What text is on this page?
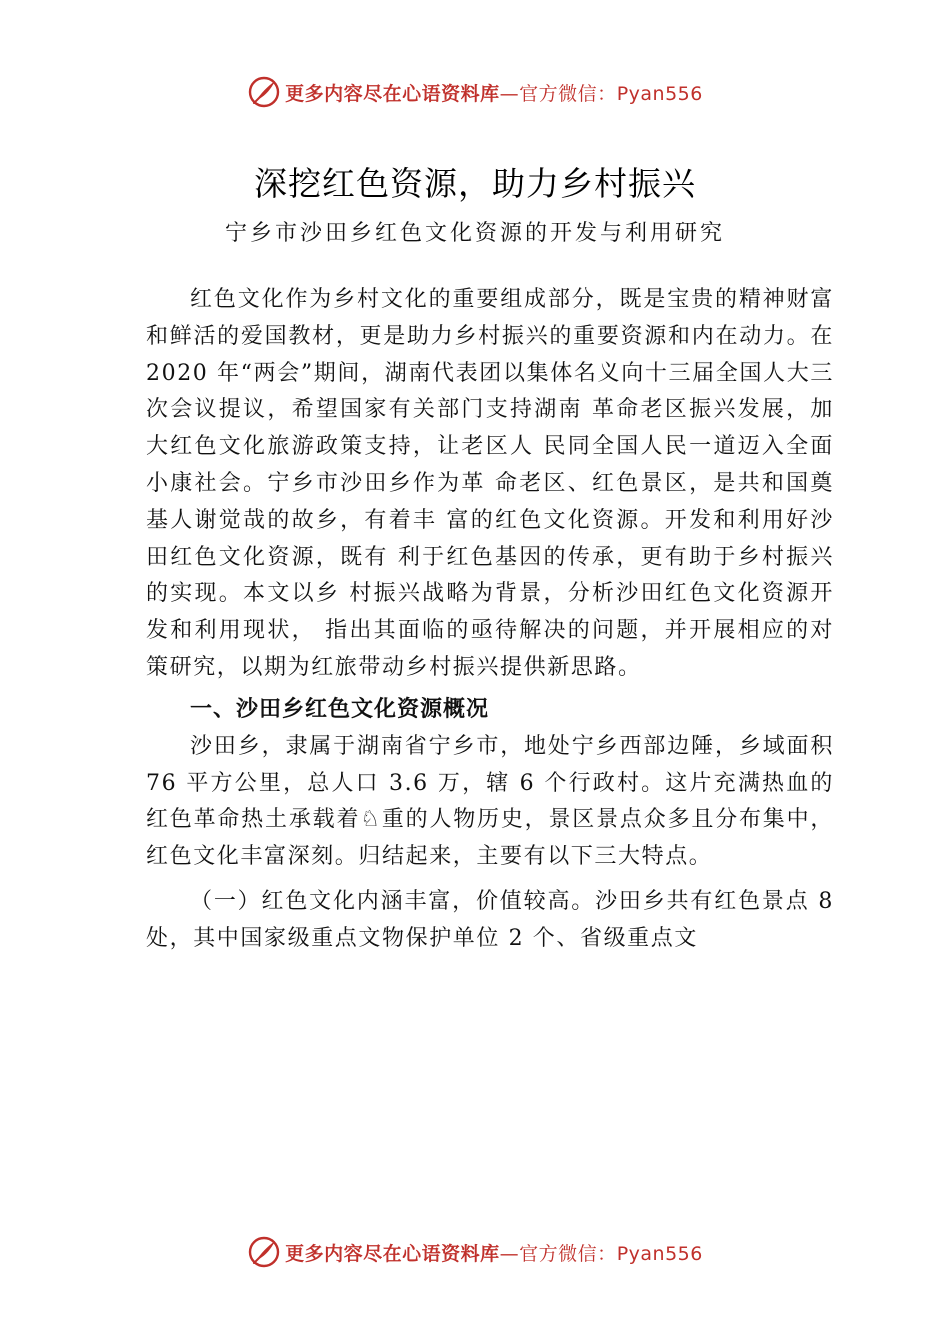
更多内容尽在心语资料库—官方微信：Pyan556
深挖红色资源，助力乡村振兴
宁乡市沙田乡红色文化资源的开发与利用研究

红色文化作为乡村文化的重要组成部分，既是宝贵的精神财富和鲜活的爱国教材，更是助力乡村振兴的重要资源和内在动力。在 2020 年“两会”期间，湖南代表团以集体名义向十三届全国人大三次会议提议，希望国家有关部门支持湖南 革命老区振兴发展，加大红色文化旅游政策支持，让老区人 民同全国人民一道迈入全面小康社会。宁乡市沙田乡作为革 命老区、红色景区，是共和国奠基人谢觉哉的故乡，有着丰 富的红色文化资源。开发和利用好沙田红色文化资源，既有 利于红色基因的传承，更有助于乡村振兴的实现。本文以乡 村振兴战略为背景，分析沙田红色文化资源开发和利用现状， 指出其面临的亟待解决的问题，并开展相应的对策研究，以期为红旅带动乡村振兴提供新思路。

一、沙田乡红色文化资源概况

沙田乡，隶属于湖南省宁乡市，地处宁乡西部边陲，乡域面积 76 平方公里，总人口 3.6 万，辖 6 个行政村。这片充满热血的红色革命热土承载着♘重的人物历史，景区景点众多且分布集中，红色文化丰富深刻。归结起来，主要有以下三大特点。

（一）红色文化内涵丰富，价值较高。沙田乡共有红色景点 8 处，其中国家级重点文物保护单位 2 个、省级重点文

更多内容尽在心语资料库—官方微信：Pyan556
